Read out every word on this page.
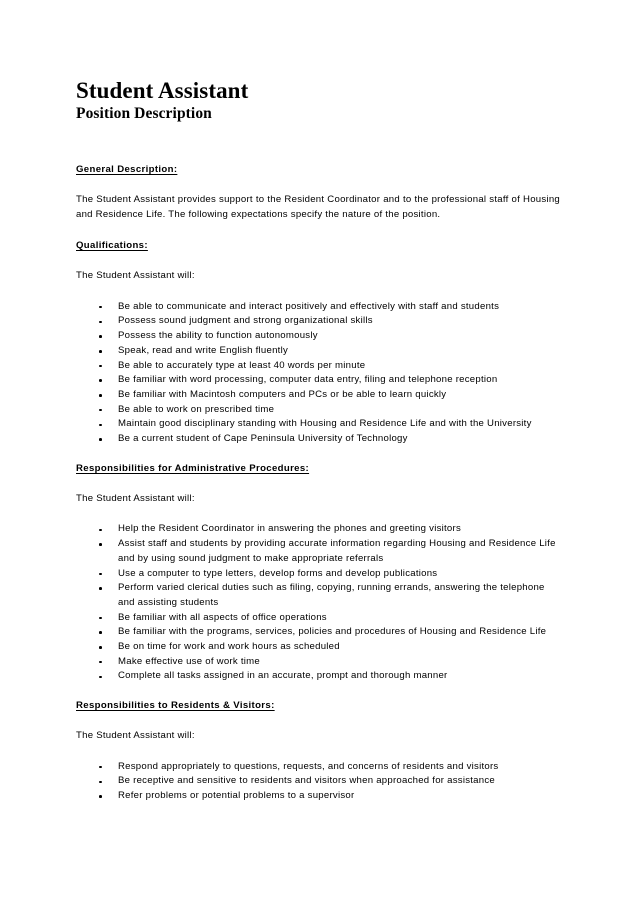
Student Assistant
Position Description
General Description:

The Student Assistant provides support to the Resident Coordinator and to the professional staff of Housing and Residence Life. The following expectations specify the nature of the position.

Qualifications:

The Student Assistant will:

Be able to communicate and interact positively and effectively with staff and students
Possess sound judgment and strong organizational skills
Possess the ability to function autonomously
Speak, read and write English fluently
Be able to accurately type at least 40 words per minute
Be familiar with word processing, computer data entry, filing and telephone reception
Be familiar with Macintosh computers and PCs or be able to learn quickly
Be able to work on prescribed time
Maintain good disciplinary standing with Housing and Residence Life and with the University
Be a current student of Cape Peninsula University of Technology
Responsibilities for Administrative Procedures:

The Student Assistant will:

Help the Resident Coordinator in answering the phones and greeting visitors
Assist staff and students by providing accurate information regarding Housing and Residence Life and by using sound judgment to make appropriate referrals
Use a computer to type letters, develop forms and develop publications
Perform varied clerical duties such as filing, copying, running errands, answering the telephone and assisting students
Be familiar with all aspects of office operations
Be familiar with the programs, services, policies and procedures of Housing and Residence Life
Be on time for work and work hours as scheduled
Make effective use of work time
Complete all tasks assigned in an accurate, prompt and thorough manner
Responsibilities to Residents & Visitors:

The Student Assistant will:

Respond appropriately to questions, requests, and concerns of residents and visitors
Be receptive and sensitive to residents and visitors when approached for assistance
Refer problems or potential problems to a supervisor
